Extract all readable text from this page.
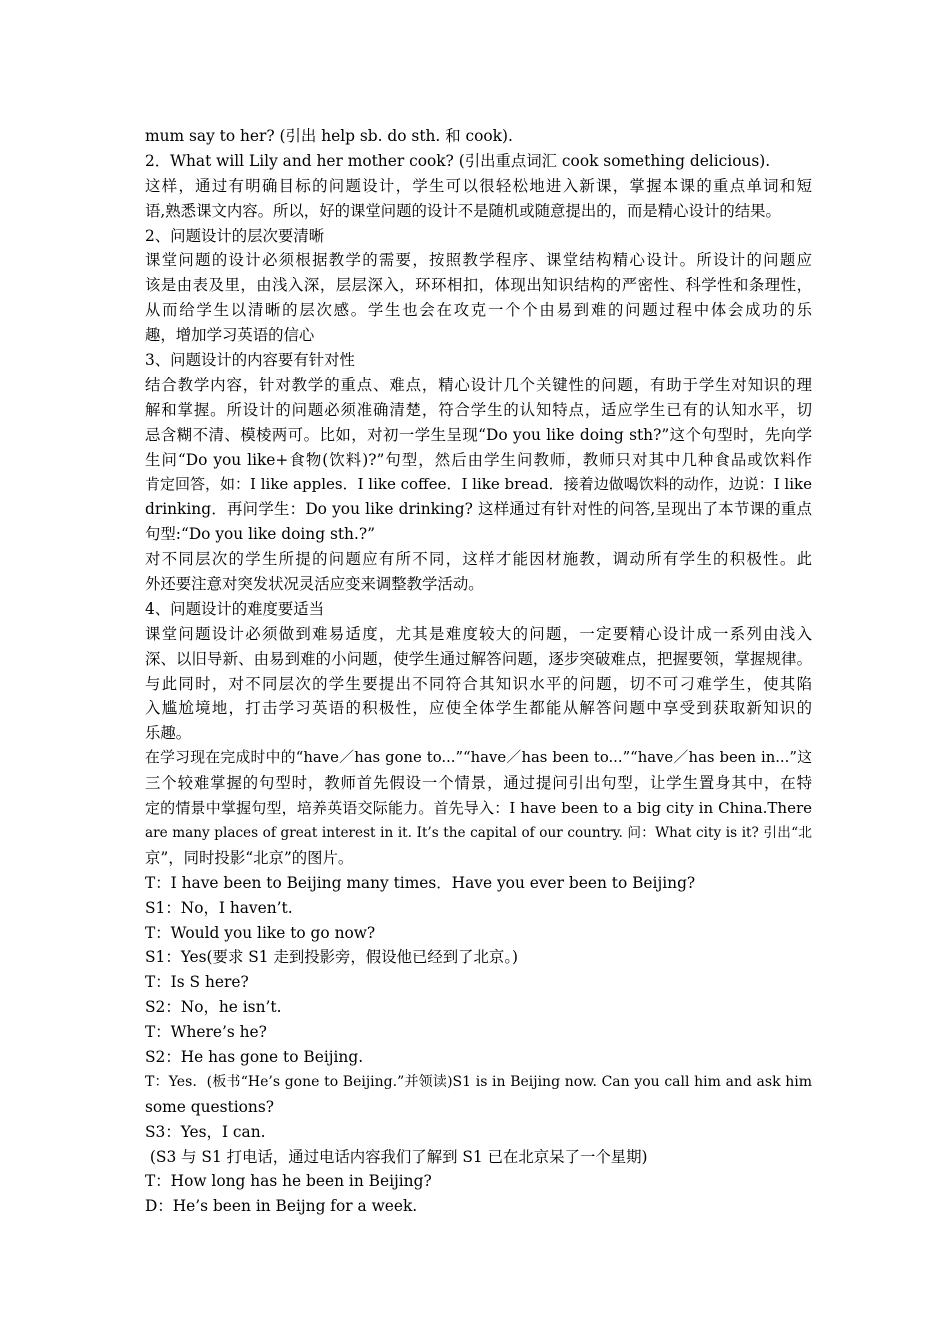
mum say to her? (引出 help sb. do sth. 和 cook).
2．What will Lily and her mother cook? (引出重点词汇 cook something delicious).
这样，通过有明确目标的问题设计，学生可以很轻松地进入新课，掌握本课的重点单词和短
语,熟悉课文内容。所以，好的课堂问题的设计不是随机或随意提出的，而是精心设计的结果。
2、问题设计的层次要清晰
课堂问题的设计必须根据教学的需要，按照教学程序、课堂结构精心设计。所设计的问题应
该是由表及里，由浅入深，层层深入，环环相扣，体现出知识结构的严密性、科学性和条理性，
从而给学生以清晰的层次感。学生也会在攻克一个个由易到难的问题过程中体会成功的乐
趣，增加学习英语的信心
3、问题设计的内容要有针对性
结合教学内容，针对教学的重点、难点，精心设计几个关键性的问题，有助于学生对知识的理
解和掌握。所设计的问题必须准确清楚，符合学生的认知特点，适应学生已有的认知水平，切
忌含糊不清、模棱两可。比如，对初一学生呈现“Do you like doing sth?”这个句型时，先向学
生问“Do you like+食物(饮料)?”句型，然后由学生问教师，教师只对其中几种食品或饮料作
肯定回答，如：I like apples．I like coffee．I like bread．接着边做喝饮料的动作，边说：I like
drinking．再问学生：Do you like drinking? 这样通过有针对性的问答,呈现出了本节课的重点
句型:“Do you like doing sth.?”
对不同层次的学生所提的问题应有所不同，这样才能因材施教，调动所有学生的积极性。此
外还要注意对突发状况灵活应变来调整教学活动。
4、问题设计的难度要适当
课堂问题设计必须做到难易适度，尤其是难度较大的问题，一定要精心设计成一系列由浅入
深、以旧导新、由易到难的小问题，使学生通过解答问题，逐步突破难点，把握要领，掌握规律。
与此同时，对不同层次的学生要提出不同符合其知识水平的问题，切不可刁难学生，使其陷
入尴尬境地，打击学习英语的积极性，应使全体学生都能从解答问题中享受到获取新知识的
乐趣。
在学习现在完成时中的“have／has gone to...”“have／has been to...”“have／has been in...”这
三个较难掌握的句型时，教师首先假设一个情景，通过提问引出句型，让学生置身其中，在特
定的情景中掌握句型，培养英语交际能力。首先导入：I have been to a big city in China.There
are many places of great interest in it. It’s the capital of our country. 问：What city is it? 引出“北
京”，同时投影“北京”的图片。
T：I have been to Beijing many times．Have you ever been to Beijing?
S1：No，I haven’t.
T：Would you like to go now?
S1：Yes(要求 S1 走到投影旁，假设他已经到了北京。)
T：Is S here?
S2：No，he isn’t.
T：Where’s he?
S2：He has gone to Beijing.
T：Yes．(板书“He’s gone to Beijing.”并领读)S1 is in Beijing now. Can you call him and ask him
some questions?
S3：Yes，I can.
(S3 与 S1 打电话，通过电话内容我们了解到 S1 已在北京呆了一个星期)
T：How long has he been in Beijing?
D：He’s been in Beijng for a week.
